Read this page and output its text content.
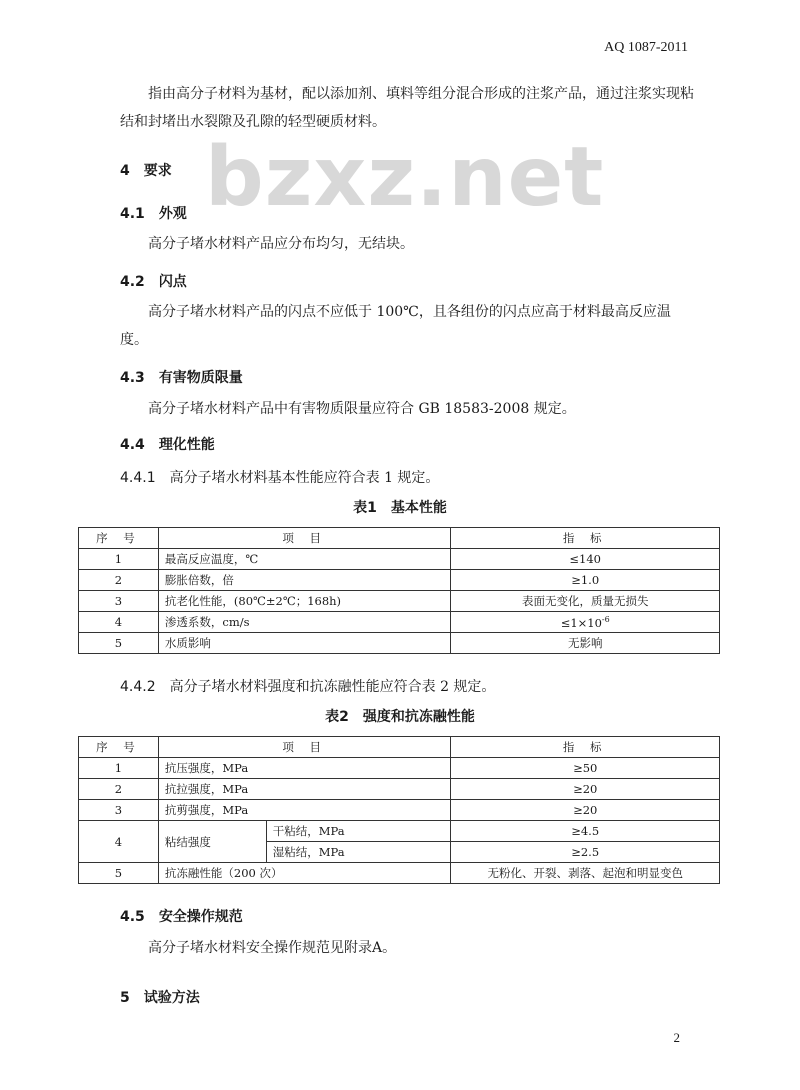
AQ 1087-2011
bzxz.net
指由高分子材料为基材，配以添加剂、填料等组分混合形成的注浆产品，通过注浆实现粘结和封堵出水裂隙及孔隙的轻型硬质材料。
4 要求
4.1 外观
高分子堵水材料产品应分布均匀，无结块。
4.2 闪点
高分子堵水材料产品的闪点不应低于 100℃，且各组份的闪点应高于材料最高反应温度。
4.3 有害物质限量
高分子堵水材料产品中有害物质限量应符合 GB 18583-2008 规定。
4.4 理化性能
4.4.1 高分子堵水材料基本性能应符合表 1 规定。
表1　基本性能
序 号	项 目	指 标
1	最高反应温度，℃	≤140
2	膨胀倍数，倍	≥1.0
3	抗老化性能，(80℃±2℃；168h)	表面无变化，质量无损失
4	渗透系数，cm/s	$\le 1\times 10^{-6}$
5	水质影响	无影响
4.4.2 高分子堵水材料强度和抗冻融性能应符合表 2 规定。
表2　强度和抗冻融性能
序 号	项 目		指 标
1	抗压强度，MPa		≥50
2	抗拉强度，MPa		≥20
3	抗剪强度，MPa		≥20
4	粘结强度	干粘结，MPa	≥4.5
		湿粘结，MPa	≥2.5
5	抗冻融性能（200 次）		无粉化、开裂、剥落、起泡和明显变色
4.5 安全操作规范
高分子堵水材料安全操作规范见附录A。
5 试验方法
2
